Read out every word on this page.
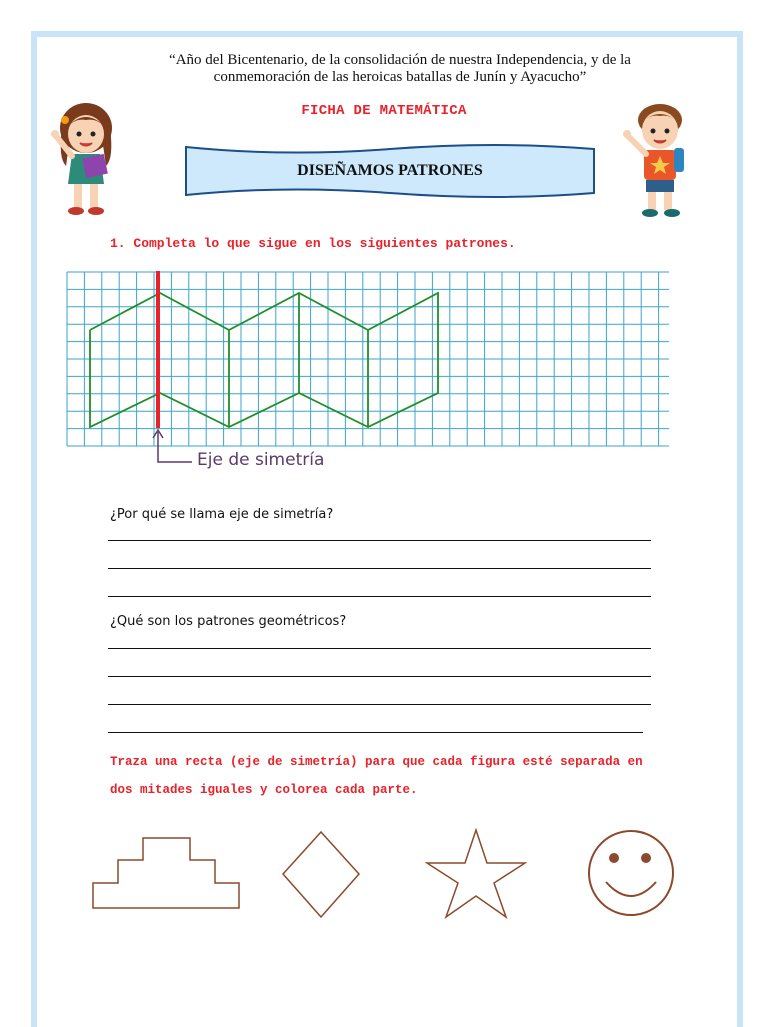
“Año del Bicentenario, de la consolidación de nuestra Independencia, y de la
conmemoración de las heroicas batallas de Junín y Ayacucho”
FICHA DE MATEMÁTICA
DISEÑAMOS PATRONES
1. Completa lo que sigue en los siguientes patrones.
Eje de simetría
¿Por qué se llama eje de simetría?
¿Qué son los patrones geométricos?
Traza una recta (eje de simetría) para que cada figura esté separada en dos mitades iguales y colorea cada parte.
